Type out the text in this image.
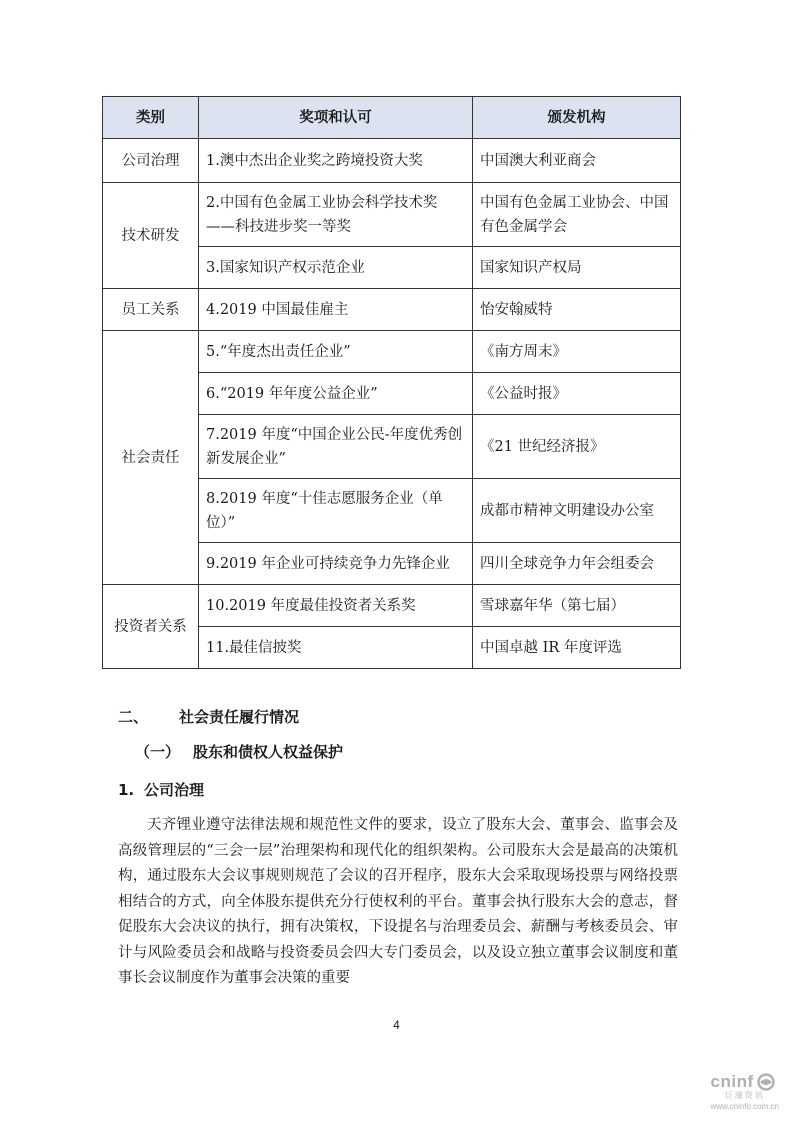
类别	奖项和认可	颁发机构
公司治理	1.澳中杰出企业奖之跨境投资大奖	中国澳大利亚商会
技术研发	2.中国有色金属工业协会科学技术奖——科技进步奖一等奖	中国有色金属工业协会、中国有色金属学会
	3.国家知识产权示范企业	国家知识产权局
员工关系	4.2019 中国最佳雇主	怡安翰威特
社会责任	5.“年度杰出责任企业”	《南方周末》
	6.“2019 年年度公益企业”	《公益时报》
	7.2019 年度“中国企业公民-年度优秀创新发展企业”	《21 世纪经济报》
	8.2019 年度“十佳志愿服务企业（单位）”	成都市精神文明建设办公室
	9.2019 年企业可持续竞争力先锋企业	四川全球竞争力年会组委会
投资者关系	10.2019 年度最佳投资者关系奖	雪球嘉年华（第七届）
	11.最佳信披奖	中国卓越 IR 年度评选
二、 社会责任履行情况
（一） 股东和债权人权益保护
1. 公司治理

天齐锂业遵守法律法规和规范性文件的要求，设立了股东大会、董事会、监事会及高级管理层的“三会一层”治理架构和现代化的组织架构。公司股东大会是最高的决策机构，通过股东大会议事规则规范了会议的召开程序，股东大会采取现场投票与网络投票相结合的方式，向全体股东提供充分行使权利的平台。董事会执行股东大会的意志，督促股东大会决议的执行，拥有决策权，下设提名与治理委员会、薪酬与考核委员会、审计与风险委员会和战略与投资委员会四大专门委员会，以及设立独立董事会议制度和董事长会议制度作为董事会决策的重要

4
cninf
巨潮资讯
www.cninfo.com.cn
